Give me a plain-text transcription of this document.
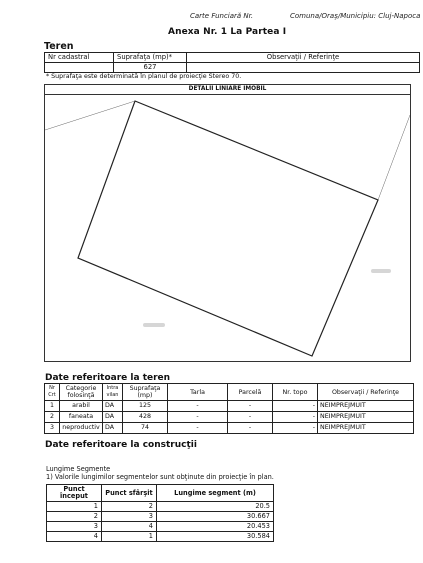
Carte Funciară Nr.	Comuna/Oraş/Municipiu: Cluj-Napoca
Anexa Nr. 1 La Partea I
Teren
Nr cadastral	Suprafaţa (mp)*	Observaţii / Referinţe
	627	
* Suprafaţa este determinată în planul de proiecţie Stereo 70.
DETALII LINIARE IMOBIL
Date referitoare la teren
Nr Crt	Categorie folosinţă	Intra vilan	Suprafaţa (mp)	Tarla	Parcelă	Nr. topo	Observaţii / Referinţe
1	arabil	DA	125	-	-	-	NEIMPREJMUIT
2	faneata	DA	428	-	-	-	NEIMPREJMUIT
3	neproductiv	DA	74	-	-	-	NEIMPREJMUIT
Date referitoare la construcţii
Lungime Segmente
1) Valorile lungimilor segmentelor sunt obţinute din proiecţie în plan.
Punct început	Punct sfârşit	Lungime segment (m)
1	2	20.5
2	3	30.667
3	4	20.453
4	1	30.584
